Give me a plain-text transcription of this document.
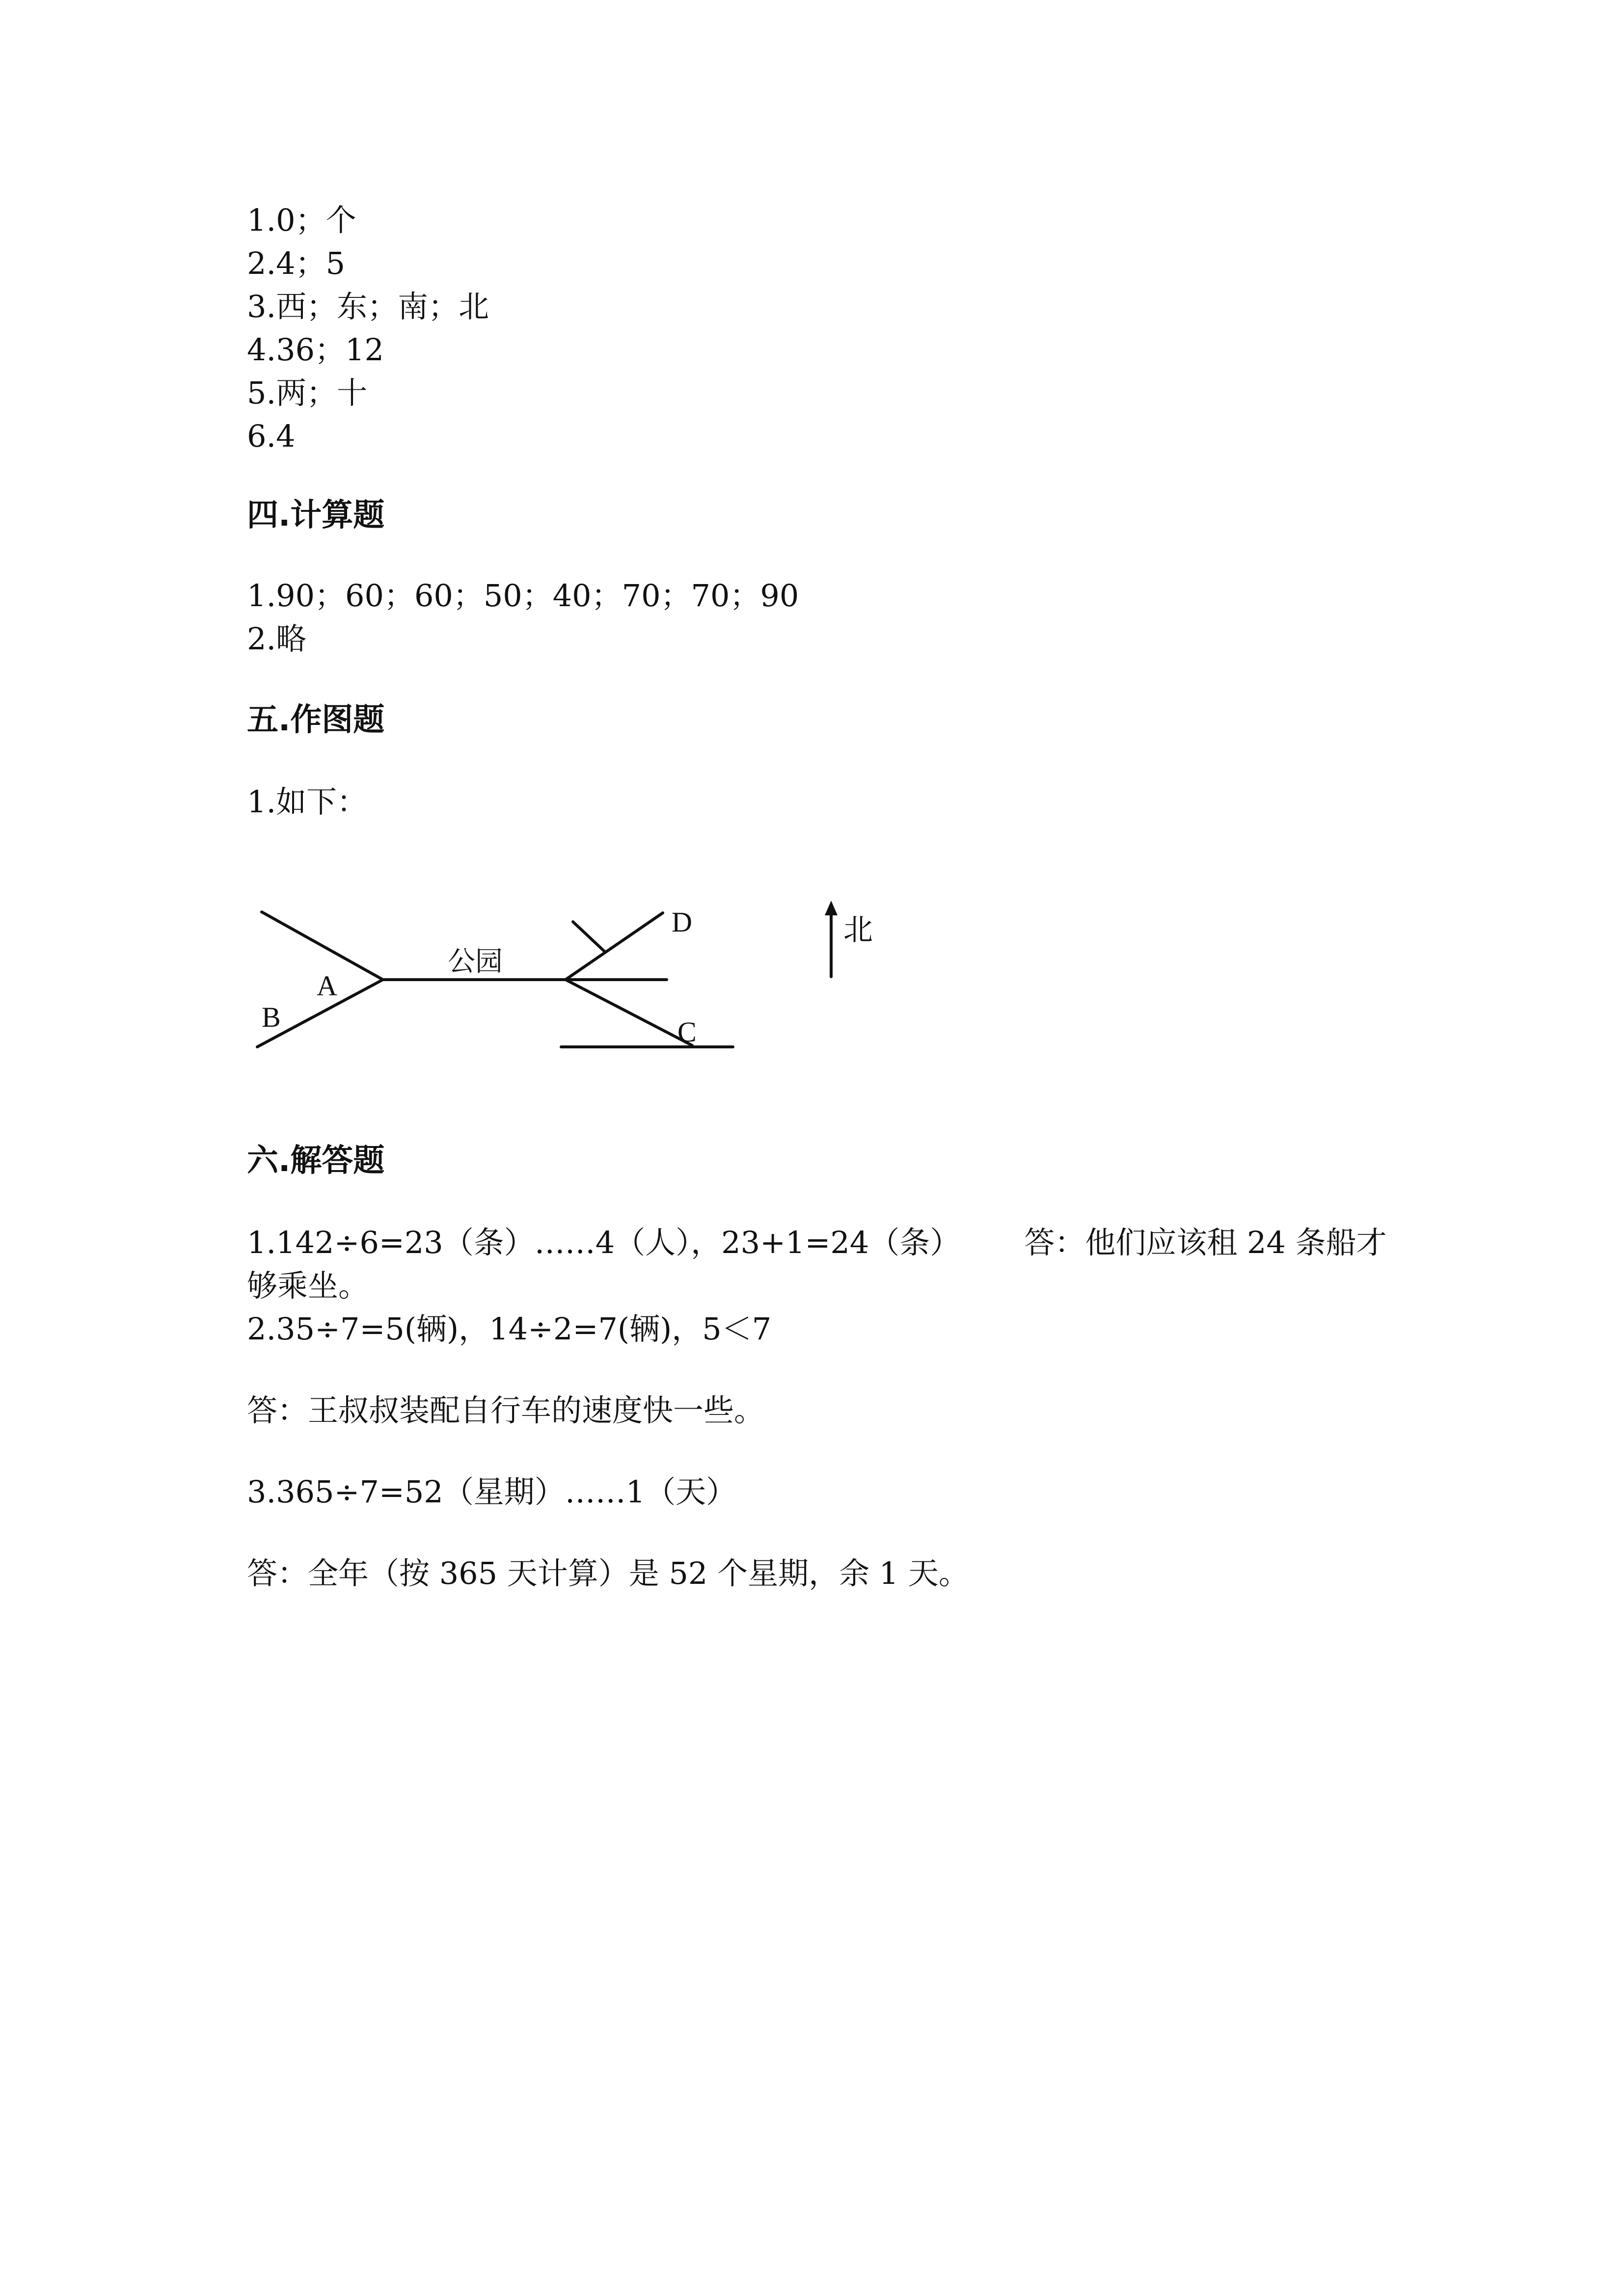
1.0；个
2.4；5
3.西；东；南；北
4.36；12
5.两；十
6.4
四.计算题
1.90；60；60；50；40；70；70；90
2.略
五.作图题
1.如下：
公园
A
B
D
C
北
六.解答题
1.142÷6=23（条）……4（人），23+1=24（条） 答：他们应该租 24 条船才
够乘坐。
2.35÷7=5(辆)，14÷2=7(辆)，5＜7
答：王叔叔装配自行车的速度快一些。
3.365÷7=52（星期）……1（天）
答：全年（按 365 天计算）是 52 个星期，余 1 天。
